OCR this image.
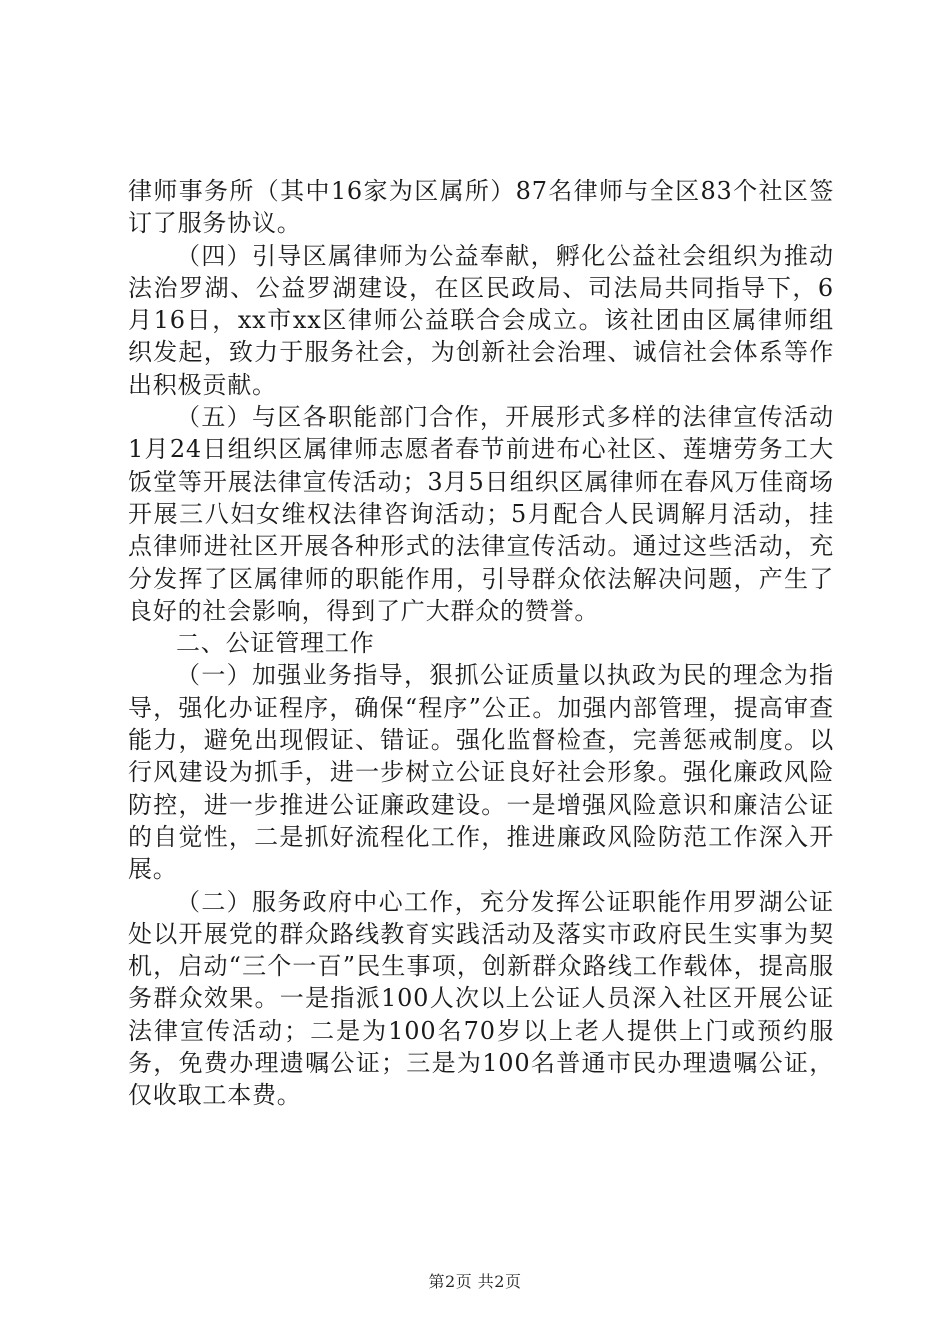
律师事务所（其中16家为区属所）87名律师与全区83个社区签订了服务协议。

（四）引导区属律师为公益奉献，孵化公益社会组织为推动法治罗湖、公益罗湖建设，在区民政局、司法局共同指导下，6月16日，xx市xx区律师公益联合会成立。该社团由区属律师组织发起，致力于服务社会，为创新社会治理、诚信社会体系等作出积极贡献。

（五）与区各职能部门合作，开展形式多样的法律宣传活动1月24日组织区属律师志愿者春节前进布心社区、莲塘劳务工大饭堂等开展法律宣传活动；3月5日组织区属律师在春风万佳商场开展三八妇女维权法律咨询活动；5月配合人民调解月活动，挂点律师进社区开展各种形式的法律宣传活动。通过这些活动，充分发挥了区属律师的职能作用，引导群众依法解决问题，产生了良好的社会影响，得到了广大群众的赞誉。

二、公证管理工作

（一）加强业务指导，狠抓公证质量以执政为民的理念为指导，强化办证程序，确保“程序”公正。加强内部管理，提高审查能力，避免出现假证、错证。强化监督检查，完善惩戒制度。以行风建设为抓手，进一步树立公证良好社会形象。强化廉政风险防控，进一步推进公证廉政建设。一是增强风险意识和廉洁公证的自觉性，二是抓好流程化工作，推进廉政风险防范工作深入开展。

（二）服务政府中心工作，充分发挥公证职能作用罗湖公证处以开展党的群众路线教育实践活动及落实市政府民生实事为契机，启动“三个一百”民生事项，创新群众路线工作载体，提高服务群众效果。一是指派100人次以上公证人员深入社区开展公证法律宣传活动；二是为100名70岁以上老人提供上门或预约服务，免费办理遗嘱公证；三是为100名普通市民办理遗嘱公证，仅收取工本费。

第2页 共2页
